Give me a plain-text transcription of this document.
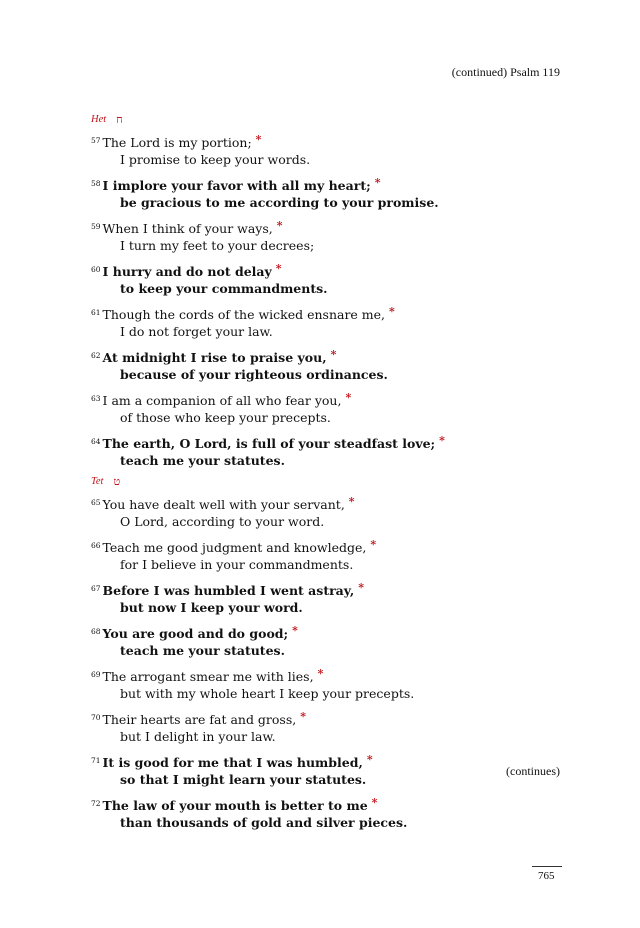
(continued) Psalm 119
Het ח
$^{57}$ The Lord is my portion; *
I promise to keep your words.
$^{58}$ I implore your favor with all my heart; *
be gracious to me according to your promise.
$^{59}$ When I think of your ways, *
I turn my feet to your decrees;
$^{60}$ I hurry and do not delay *
to keep your commandments.
$^{61}$ Though the cords of the wicked ensnare me, *
I do not forget your law.
$^{62}$ At midnight I rise to praise you, *
because of your righteous ordinances.
$^{63}$ I am a companion of all who fear you, *
of those who keep your precepts.
$^{64}$ The earth, O Lord, is full of your steadfast love; *
teach me your statutes.
Tet ט
$^{65}$ You have dealt well with your servant, *
O Lord, according to your word.
$^{66}$ Teach me good judgment and knowledge, *
for I believe in your commandments.
$^{67}$ Before I was humbled I went astray, *
but now I keep your word.
$^{68}$ You are good and do good; *
teach me your statutes.
$^{69}$ The arrogant smear me with lies, *
but with my whole heart I keep your precepts.
$^{70}$ Their hearts are fat and gross, *
but I delight in your law.
$^{71}$ It is good for me that I was humbled, *
so that I might learn your statutes.
$^{72}$ The law of your mouth is better to me *
than thousands of gold and silver pieces.
(continues)
765
